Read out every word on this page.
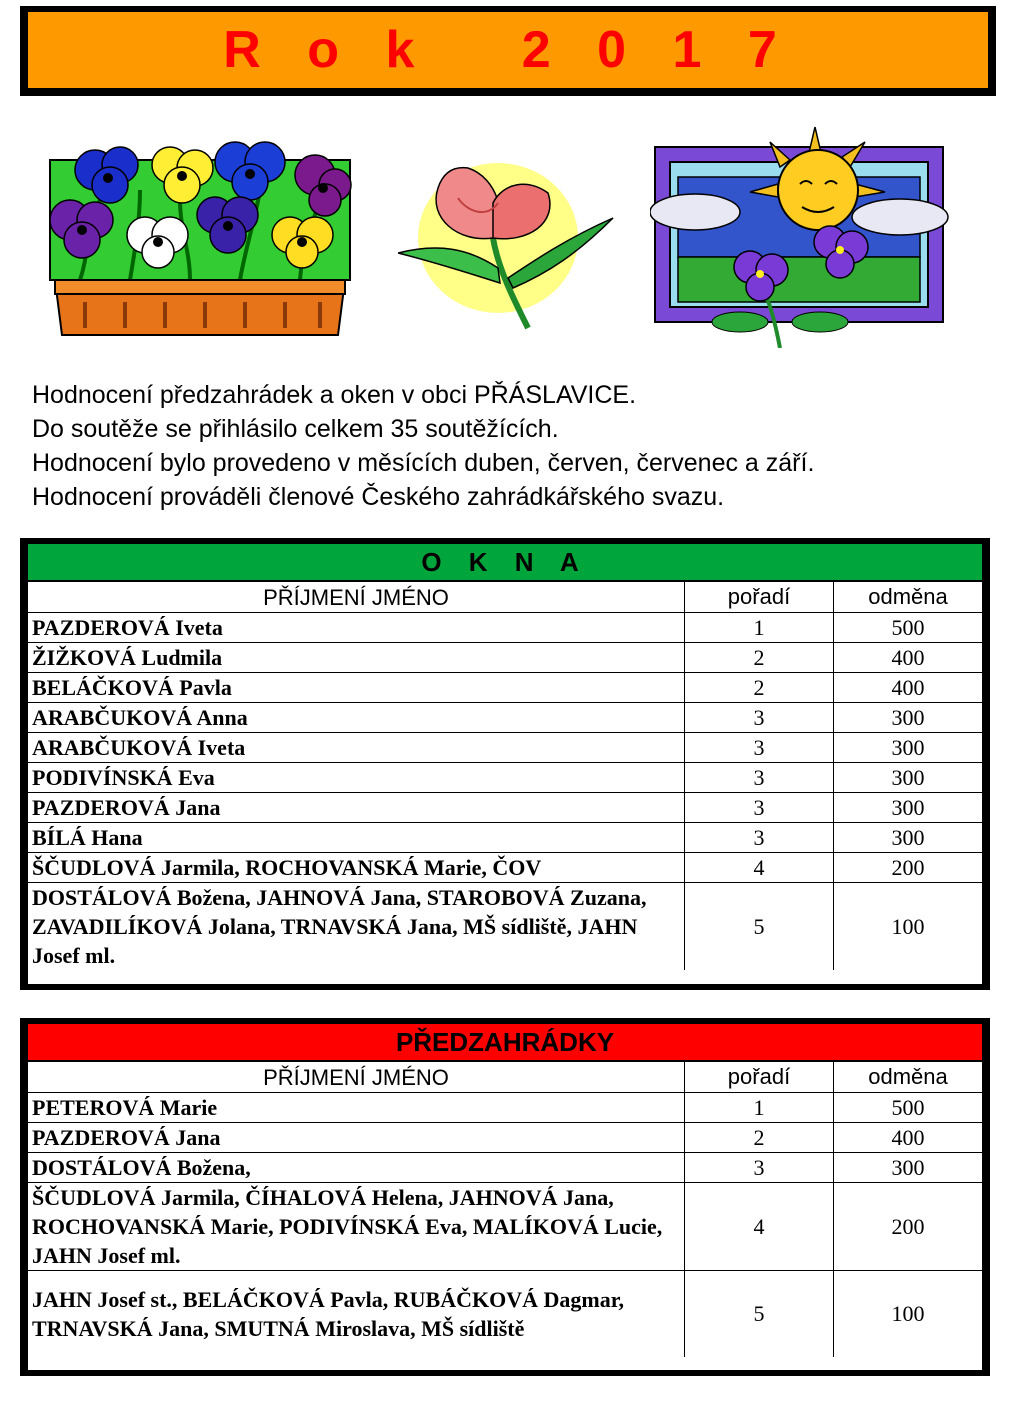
R o k   2 0 1 7

Hodnocení předzahrádek a oken v obci PŘÁSLAVICE.

Do soutěže se přihlásilo celkem 35 soutěžících.

Hodnocení bylo provedeno v měsících duben, červen, červenec a září.

Hodnocení prováděli členové Českého zahrádkářského svazu.

O K N A
PŘÍJMENÍ JMÉNO	pořadí	odměna
PAZDEROVÁ Iveta	1	500
ŽIŽKOVÁ Ludmila	2	400
BELÁČKOVÁ Pavla	2	400
ARABČUKOVÁ Anna	3	300
ARABČUKOVÁ Iveta	3	300
PODIVÍNSKÁ Eva	3	300
PAZDEROVÁ Jana	3	300
BÍLÁ Hana	3	300
ŠČUDLOVÁ Jarmila, ROCHOVANSKÁ Marie, ČOV	4	200
DOSTÁLOVÁ Božena, JAHNOVÁ Jana, STAROBOVÁ Zuzana, ZAVADILÍKOVÁ Jolana, TRNAVSKÁ Jana, MŠ sídliště, JAHN Josef ml.	5	100
PŘEDZAHRÁDKY
PŘÍJMENÍ JMÉNO	pořadí	odměna
PETEROVÁ Marie	1	500
PAZDEROVÁ Jana	2	400
DOSTÁLOVÁ Božena,	3	300
ŠČUDLOVÁ Jarmila, ČÍHALOVÁ Helena, JAHNOVÁ Jana, ROCHOVANSKÁ Marie, PODIVÍNSKÁ Eva, MALÍKOVÁ Lucie, JAHN Josef ml.	4	200
JAHN Josef st., BELÁČKOVÁ Pavla, RUBÁČKOVÁ Dagmar, TRNAVSKÁ Jana, SMUTNÁ Miroslava, MŠ sídliště	5	100
